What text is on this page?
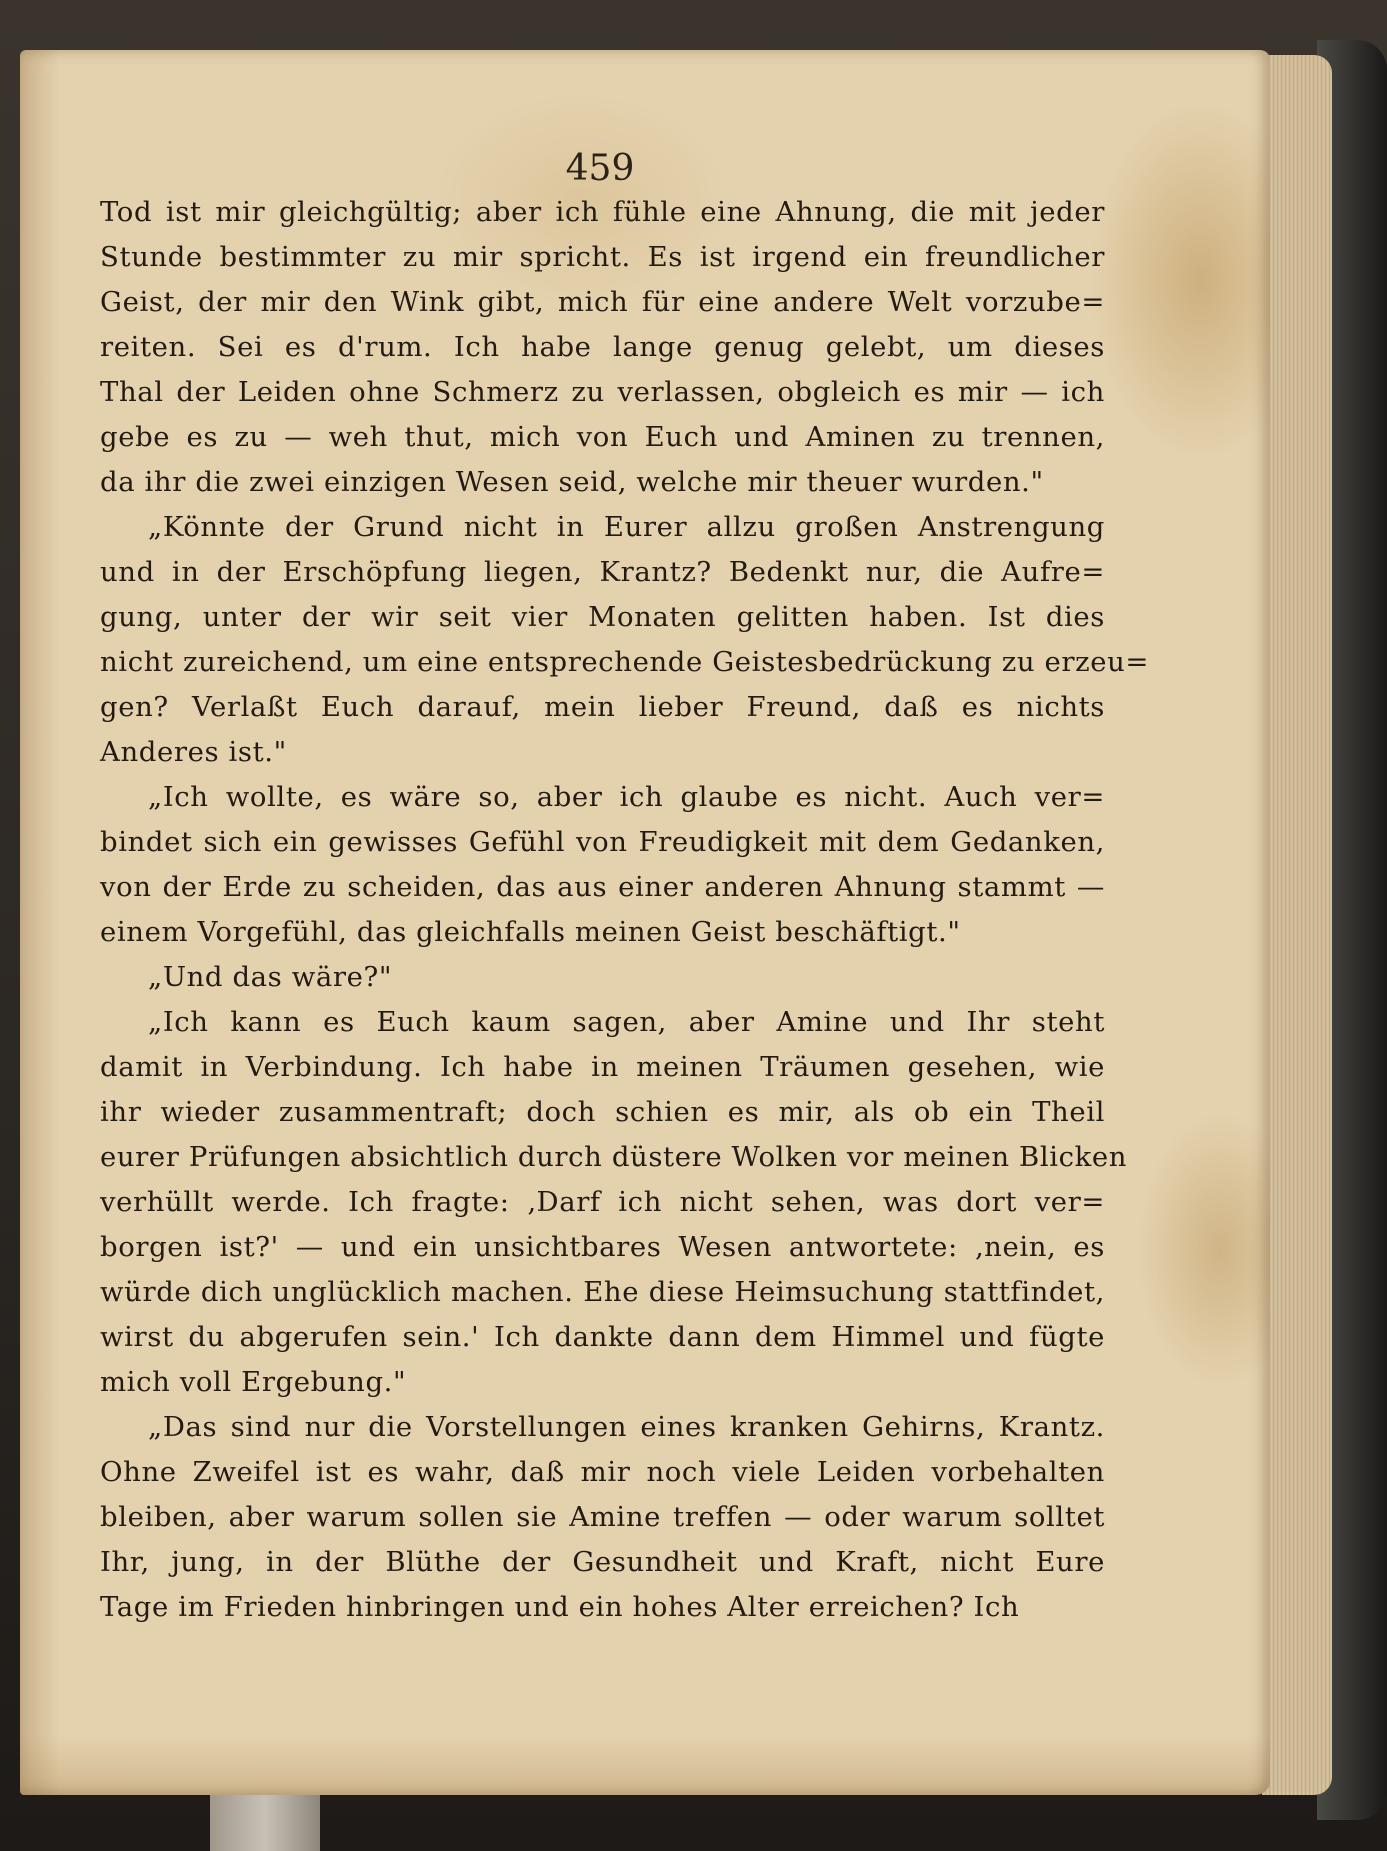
459
Tod ist mir gleichgültig; aber ich fühle eine Ahnung, die mit jeder
Stunde bestimmter zu mir spricht. Es ist irgend ein freundlicher
Geist, der mir den Wink gibt, mich für eine andere Welt vorzube=
reiten. Sei es d'rum. Ich habe lange genug gelebt, um dieses
Thal der Leiden ohne Schmerz zu verlassen, obgleich es mir — ich
gebe es zu — weh thut, mich von Euch und Aminen zu trennen,
da ihr die zwei einzigen Wesen seid, welche mir theuer wurden."
„Könnte der Grund nicht in Eurer allzu großen Anstrengung
und in der Erschöpfung liegen, Krantz? Bedenkt nur, die Aufre=
gung, unter der wir seit vier Monaten gelitten haben. Ist dies
nicht zureichend, um eine entsprechende Geistesbedrückung zu erzeu=
gen? Verlaßt Euch darauf, mein lieber Freund, daß es nichts
Anderes ist."
„Ich wollte, es wäre so, aber ich glaube es nicht. Auch ver=
bindet sich ein gewisses Gefühl von Freudigkeit mit dem Gedanken,
von der Erde zu scheiden, das aus einer anderen Ahnung stammt —
einem Vorgefühl, das gleichfalls meinen Geist beschäftigt."
„Und das wäre?"
„Ich kann es Euch kaum sagen, aber Amine und Ihr steht
damit in Verbindung. Ich habe in meinen Träumen gesehen, wie
ihr wieder zusammentraft; doch schien es mir, als ob ein Theil
eurer Prüfungen absichtlich durch düstere Wolken vor meinen Blicken
verhüllt werde. Ich fragte: ‚Darf ich nicht sehen, was dort ver=
borgen ist?' — und ein unsichtbares Wesen antwortete: ‚nein, es
würde dich unglücklich machen. Ehe diese Heimsuchung stattfindet,
wirst du abgerufen sein.' Ich dankte dann dem Himmel und fügte
mich voll Ergebung."
„Das sind nur die Vorstellungen eines kranken Gehirns, Krantz.
Ohne Zweifel ist es wahr, daß mir noch viele Leiden vorbehalten
bleiben, aber warum sollen sie Amine treffen — oder warum solltet
Ihr, jung, in der Blüthe der Gesundheit und Kraft, nicht Eure
Tage im Frieden hinbringen und ein hohes Alter erreichen? Ich
